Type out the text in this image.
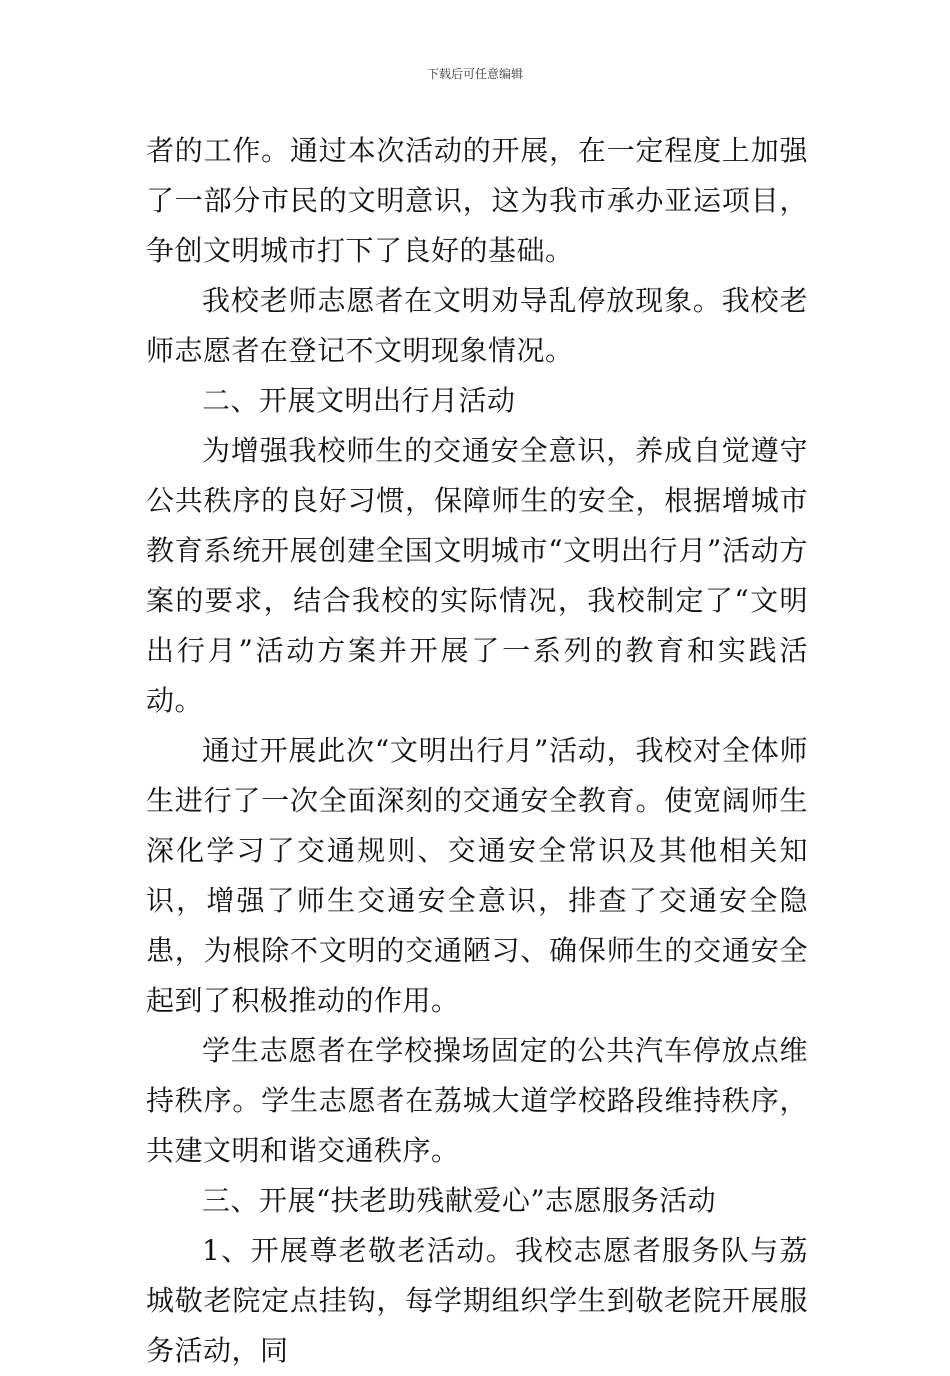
下载后可任意编辑

者的工作。通过本次活动的开展，在一定程度上加强了一部分市民的文明意识，这为我市承办亚运项目，争创文明城市打下了良好的基础。

我校老师志愿者在文明劝导乱停放现象。我校老师志愿者在登记不文明现象情况。

二、开展文明出行月活动

为增强我校师生的交通安全意识，养成自觉遵守公共秩序的良好习惯，保障师生的安全，根据增城市教育系统开展创建全国文明城市“文明出行月”活动方案的要求，结合我校的实际情况，我校制定了“文明出行月”活动方案并开展了一系列的教育和实践活动。

通过开展此次“文明出行月”活动，我校对全体师生进行了一次全面深刻的交通安全教育。使宽阔师生深化学习了交通规则、交通安全常识及其他相关知识，增强了师生交通安全意识，排查了交通安全隐患，为根除不文明的交通陋习、确保师生的交通安全起到了积极推动的作用。

学生志愿者在学校操场固定的公共汽车停放点维持秩序。学生志愿者在荔城大道学校路段维持秩序，共建文明和谐交通秩序。

三、开展“扶老助残献爱心”志愿服务活动

1、开展尊老敬老活动。我校志愿者服务队与荔城敬老院定点挂钩，每学期组织学生到敬老院开展服务活动，同
